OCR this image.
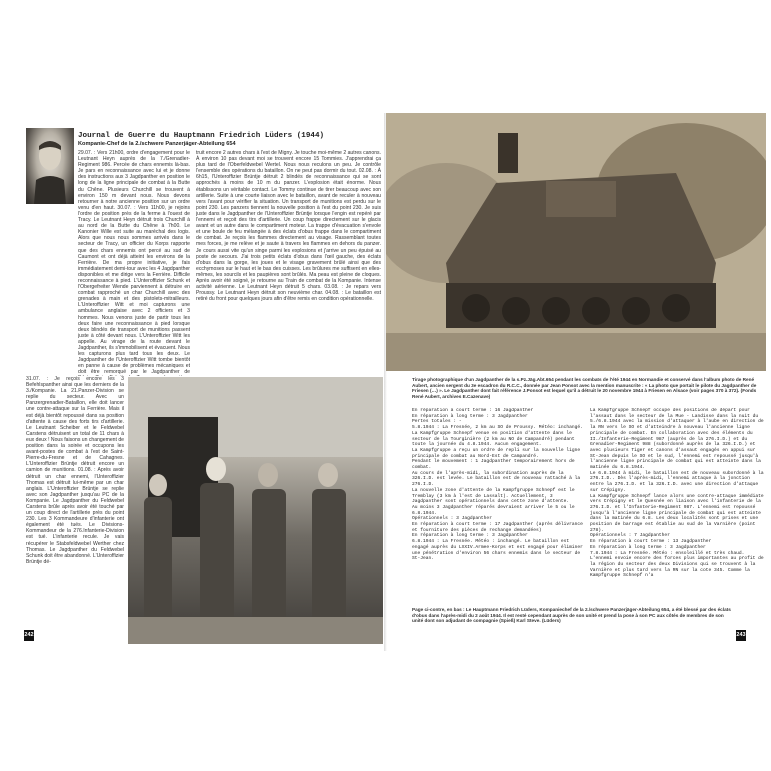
Journal de Guerre du Hauptmann Friedrich Lüders (1944)
Kompanie-Chef de la 2./schwere Panzerjäger-Abteilung 654
29.07. : Vers 21h00, ordre d'engagement pour le Leutnant Heyn auprès de la 7./Grenadier-Regiment 986. Percée de chars ennemis là-bas. Je pars en reconnaissance avec lui et je donne des instructions aux 3 Jagdpanther en position le long de la ligne principale de combat à la Butte du Chêne. Plusieurs Churchill se trouvent à environ 150 m devant nous. Nous devons retourner à notre ancienne position sur un ordre venu d'en haut. 30.07. : Vers 11h00, je rejoins l'ordre de position près de la ferme à l'ouest de Tracy. Le Leutnant Heyn détruit trois Churchill à au nord de la Butte du Chêne à 7h00. Le Kanonier Wille est suite au maréchal des logis. Alors que nous nous sommes arrivés dans le secteur de Tracy, un officier du Korps rapporte que des chars ennemis ont percé au sud de Caumont et ont déjà atteint les environs de la Ferrière. De ma propre initiative, je fais immédiatement demi-tour avec les 4 Jagdpanther disponibles et me dirige vers la Ferrière. Difficile reconnaissance à pied. L'Unteroffizier Schunk et l'Obergefreiter Wende parviennent à détruire en combat rapproché un char Churchill avec des grenades à main et des pistolets-mitrailleurs. L'Unteroffizier Witt et moi capturons une ambulance anglaise avec 2 officiers et 3 hommes. Nous venons juste de partir tous les deux faire une reconnaissance à pied lorsque deux blindés de transport de munitions passent juste à côté devant nous. L'Unteroffizier Witt les appelle. Au virage de la route devant le Jagdpanther, ils s'immobilisent et évacuent. Nous les capturons plus tard tous les deux. Le Jagdpanther de l'Unteroffizier Witt tombe bientôt en panne à cause de problèmes mécaniques et doit être remorqué par le Jagdpanther de
truit encore 2 autres chars à l'est de Migny. Je touche moi-même 2 autres canons. À environ 10 pas devant moi se trouvent encore 15 Tommies. J'apprendrai ça plus tard de l'Oberfeldwebel Wertel. Nous nous reculons un peu. Je contrôle l'ensemble des opérations du bataillon. On ne peut pas dormir du tout. 02.08. : À 6h15, l'Unteroffizier Brüntje détruit 2 blindés de reconnaissance qui se sont approchés à moins de 10 m du panzer. L'explosion était énorme. Nous établissons un véritable contact. Le Tommy continue de tirer beaucoup avec son artillerie. Suite à une courte liaison avec le bataillon, avant de reculer à nouveau vers l'avant pour vérifier la situation. Un transport de munitions est perdu sur le point 230. Les panzers tiennent la nouvelle position à l'est du point 230. Je suis juste dans le Jagdpanther de l'Unteroffizier Brüntje lorsque l'engin est repéré par l'ennemi et reçoit des tirs d'artillerie. Un coup frappe directement sur le glacis avant et un autre dans le compartiment moteur. La trappe d'évacuation s'envole et une boule de feu mélangée à des éclats d'obus frappe dans le compartiment de combat. Je reçois les flammes directement au visage. Rassemblant toutes mes forces, je me relève et je saute à travers les flammes en dehors du panzer. Je cours aussi vite qu'un singe parmi les explosions et j'arrive un peu épuisé au poste de secours. J'ai trois petits éclats d'obus dans l'œil gauche, des éclats d'obus dans la gorge, les joues et le visage gravement brûlé ainsi que des ecchymoses sur le haut et le bas des cuisses. Les brûlures me suffisent en elles-mêmes, les sourcils et les paupières sont brûlés. Ma peau est pleine de cloques. Après avoir été soigné, je retourne au Train de combat de la Kompanie. Intense activité aérienne. Le Leutnant Heyn détruit 5 chars. 03.08. : Je repars vers Proussy. Le Leutnant Heyn détruit son neuvième char. 04.08. : Le bataillon est retiré du front pour quelques jours afin d'être remis en condition opérationnelle.
31.07. : Je reçois encore les 3 Befehlspanther ainsi que les derniers de la 3./Kompanie. La 21.Panzer-Division se replie du secteur. Avec un Panzergrenadier-Bataillon, elle doit lancer une contre-attaque sur la Ferrière. Mais il est déjà bientôt repoussé dans sa position d'attente à cause des forts tirs d'artillerie. Le Leutnant Scheiber et le Feldwebel Carstens détruisent un total de 11 chars à eux deux ! Nous faisons un changement de position dans la soirée et occupons les avant-postes de combat à l'est de Saint-Pierre-du-Fresne et de Cahagnes. L'Unteroffizier Brüntje détruit encore un camion de munitions. 01.08. : Après avoir détruit un char ennemi, l'Unteroffizier Thomas est détruit lui-même par un char anglais. L'Unteroffizier Brüntje se replie avec son Jagdpanther jusqu'au PC de la Kompanie. Le Jagdpanther du Feldwebel Carstens brûle après avoir été touché par un coup direct de l'artillerie près du point 230. Les 3 Kommandeure d'infanterie ont également été tués. Le Divisions-Kommandeur de la 276.Infanterie-Division est tué. L'infanterie recule. Je vais récupérer le Stabsfeldwebel Werther chez Thomas. Le Jagdpanther du Feldwebel Schunk doit être abandonné. L'Unteroffizier Brüntje dé-
242
Tirage photographique d'un Jagdpanther de la s.Pz.Jäg.Abt.654 pendant les combats de l'été 1944 en Normandie et conservé dans l'album photo de René Aubert, ancien sergent du 3e escadron du R.C.C., donnée par Jean Ponsot avec la mention manuscrite : « La photo que portait le pilote du Jagdpanther de Friesen (…) ». Le Jagdpanther dont fait référence J.Ponsot est lequel qu'il a détruit le 20 novembre 1944 à Friesen en Alsace (voir pages 370 à 372). (Fonds René Aubert, archives E.Cazenave)
En réparation à court terme : 16 Jagdpanther
En réparation à long terme : 3 Jagdpanther
Pertes totales : -
5.8.1944 : La Fresnée, 2 km au SO de Proussy. Météo: inchangé. La Kampfgruppe Schnepf venue en position d'attente dans le secteur de la Tourginière (2 km au NO de Campandré) pendant toute la journée du 4.8.1944. Aucun engagement.
La Kampfgruppe a reçu un ordre de repli sur la nouvelle ligne principale de combat au Nord-Est de Campandré.
Pendant le mouvement : 1 Jagdpanther temporairement hors de combat.
Au cours de l'après-midi, la subordination auprès de la 326.I.D. est levée. Le bataillon est de nouveau rattaché à la 276.I.D.
La nouvelle zone d'attente de la Kampfgruppe Schnepf est le Tremblay (3 km à l'est de Lassalt). Actuellement, 3 Jagdpanther sont opérationnels dans cette zone d'attente.
Au moins 3 Jagdpanther réparés devraient arriver le 5 ou le 6.8.1944.
Opérationnels : 3 Jagdpanther
En réparation à court terme : 17 Jagdpanther (après délivrance et fourniture des pièces de rechange demandées)
En réparation à long terme : 3 Jagdpanther
6.8.1944 : La Fresnée. Météo : inchangé. Le bataillon est engagé auprès du LXXIV.Armee-Korps et est engagé pour éliminer une pénétration d'environ 56 chars ennemis dans le secteur de St-Jean.
La Kampfgruppe Schnepf occupe des positions de départ pour l'assaut dans le secteur de la Mue - Landisse dans la nuit du 5./6.8.1944 avec la mission d'attaquer à l'aube en direction de la RN vers le SO et d'atteindre à nouveau l'ancienne ligne principale de combat. En collaboration avec des éléments du II./Infanterie-Regiment 987 (auprès de la 276.I.D.) et du Grenadier-Regiment 988 (subordonné auprès de la 326.I.D.) et avec plusieurs Tiger et canons d'assaut engagés en appui sur St-Jean depuis le SO et le sud, l'ennemi est repoussé jusqu'à l'ancienne ligne principale de combat qui est atteinte dans la matinée du 6.8.1944.
Le 6.8.1944 à midi, le bataillon est de nouveau subordonné à la 276.I.D.. Dès l'après-midi, l'ennemi attaque à la jonction entre la 276.I.D. et la 326.I.D. avec une direction d'attaque sur Crépigny.
La Kampfgruppe Schnepf lance alors une contre-attaque immédiate vers Crépigny et le Quesnée en liaison avec l'infanterie de la 276.I.D. et l'Infanterie-Regiment 987. L'ennemi est repoussé jusqu'à l'ancienne ligne principale de combat qui est atteinte dans la matinée du 6.8. Les deux localités sont prises et une position de barrage est établie au sud de la Varnière (point 278).
Opérationnels : 7 Jagdpanther
En réparation à court terme : 13 Jagdpanther
En réparation à long terme : 3 Jagdpanther
7.8.1944 : La Fresnée. Météo : ensoleillé et très chaud. L'ennemi envoie encore des forces plus importantes au profit de la région du secteur des deux Divisions qui se trouvent à la Varnière et plus tard vers la RN sur la cote 345. Comme la Kampfgruppe Schnepf n'a
Page ci-contre, en bas : Le Hauptmann Friedrich Lüders, Kompaniechef de la 2./schwere Panzerjäger-Abteilung 654, a été blessé par des éclats d'obus dans l'après-midi du 2 août 1944. Il est resté cependant auprès de son unité et prend la pose à son PC aux côtés de membres de son unité dont son adjudant de compagnie (Spieß) Karl Steve. (Lüders)
243
